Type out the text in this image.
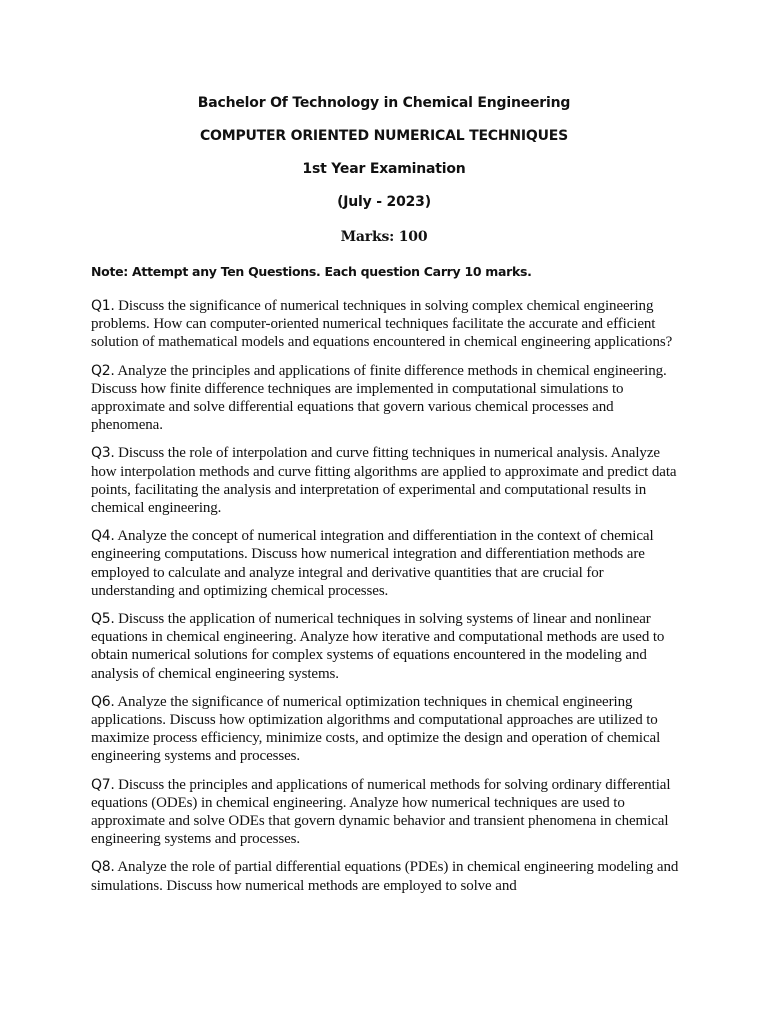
Bachelor Of Technology in Chemical Engineering
COMPUTER ORIENTED NUMERICAL TECHNIQUES
1st Year Examination
(July - 2023)
Marks: 100
Note: Attempt any Ten Questions. Each question Carry 10 marks.

Q1. Discuss the significance of numerical techniques in solving complex chemical engineering problems. How can computer-oriented numerical techniques facilitate the accurate and efficient solution of mathematical models and equations encountered in chemical engineering applications?

Q2. Analyze the principles and applications of finite difference methods in chemical engineering. Discuss how finite difference techniques are implemented in computational simulations to approximate and solve differential equations that govern various chemical processes and phenomena.

Q3. Discuss the role of interpolation and curve fitting techniques in numerical analysis. Analyze how interpolation methods and curve fitting algorithms are applied to approximate and predict data points, facilitating the analysis and interpretation of experimental and computational results in chemical engineering.

Q4. Analyze the concept of numerical integration and differentiation in the context of chemical engineering computations. Discuss how numerical integration and differentiation methods are employed to calculate and analyze integral and derivative quantities that are crucial for understanding and optimizing chemical processes.

Q5. Discuss the application of numerical techniques in solving systems of linear and nonlinear equations in chemical engineering. Analyze how iterative and computational methods are used to obtain numerical solutions for complex systems of equations encountered in the modeling and analysis of chemical engineering systems.

Q6. Analyze the significance of numerical optimization techniques in chemical engineering applications. Discuss how optimization algorithms and computational approaches are utilized to maximize process efficiency, minimize costs, and optimize the design and operation of chemical engineering systems and processes.

Q7. Discuss the principles and applications of numerical methods for solving ordinary differential equations (ODEs) in chemical engineering. Analyze how numerical techniques are used to approximate and solve ODEs that govern dynamic behavior and transient phenomena in chemical engineering systems and processes.

Q8. Analyze the role of partial differential equations (PDEs) in chemical engineering modeling and simulations. Discuss how numerical methods are employed to solve and
